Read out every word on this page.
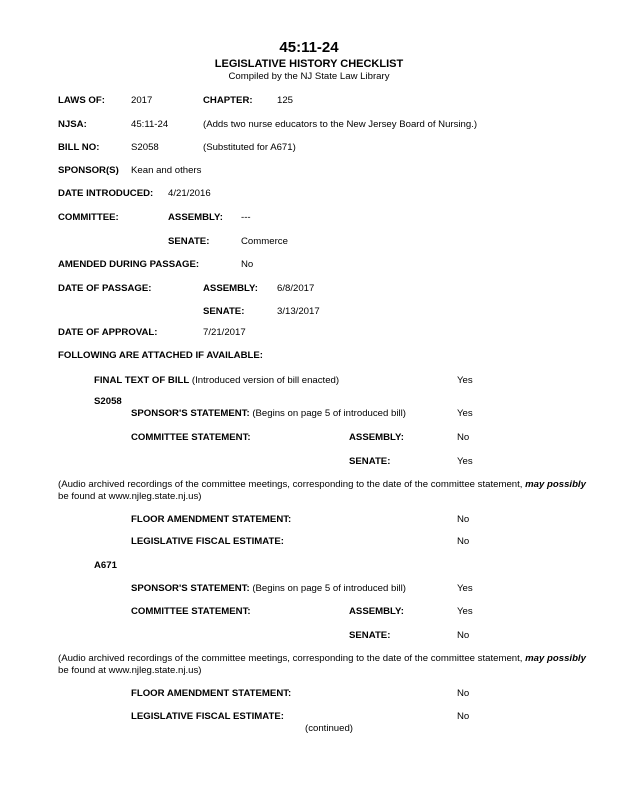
45:11-24
LEGISLATIVE HISTORY CHECKLIST
Compiled by the NJ State Law Library
LAWS OF:	2017	CHAPTER:	125
NJSA:	45:11-24	(Adds two nurse educators to the New Jersey Board of Nursing.)
BILL NO:	S2058	(Substituted for A671)
SPONSOR(S) Kean and others
DATE INTRODUCED: 4/21/2016
COMMITTEE:	ASSEMBLY: ---
SENATE:	Commerce
AMENDED DURING PASSAGE:	No
DATE OF PASSAGE:	ASSEMBLY: 6/8/2017
SENATE:	3/13/2017
DATE OF APPROVAL:	7/21/2017
FOLLOWING ARE ATTACHED IF AVAILABLE:
FINAL TEXT OF BILL (Introduced version of bill enacted)	Yes
S2058
SPONSOR'S STATEMENT: (Begins on page 5 of introduced bill)	Yes
COMMITTEE STATEMENT:	ASSEMBLY:	No
SENATE:	Yes
(Audio archived recordings of the committee meetings, corresponding to the date of the committee statement, may possibly
be found at www.njleg.state.nj.us)
FLOOR AMENDMENT STATEMENT:	No
LEGISLATIVE FISCAL ESTIMATE:	No
A671
SPONSOR'S STATEMENT: (Begins on page 5 of introduced bill)	Yes
COMMITTEE STATEMENT:	ASSEMBLY:	Yes
SENATE:	No
(Audio archived recordings of the committee meetings, corresponding to the date of the committee statement, may possibly
be found at www.njleg.state.nj.us)
FLOOR AMENDMENT STATEMENT:	No
LEGISLATIVE FISCAL ESTIMATE:	No
(continued)
